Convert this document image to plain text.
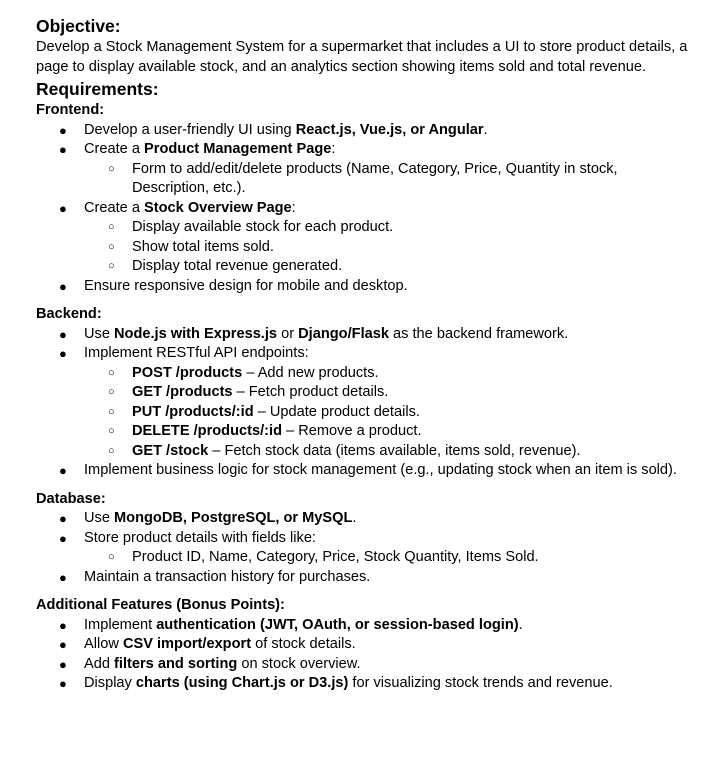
Objective:

Develop a Stock Management System for a supermarket that includes a UI to store product details, a page to display available stock, and an analytics section showing items sold and total revenue.

Requirements:

Frontend:

● Develop a user-friendly UI using React.js, Vue.js, or Angular.
● Create a Product Management Page:
○ Form to add/edit/delete products (Name, Category, Price, Quantity in stock, Description, etc.).
● Create a Stock Overview Page:
○ Display available stock for each product.
○ Show total items sold.
○ Display total revenue generated.
● Ensure responsive design for mobile and desktop.

Backend:

● Use Node.js with Express.js or Django/Flask as the backend framework.
● Implement RESTful API endpoints:
○ POST /products – Add new products.
○ GET /products – Fetch product details.
○ PUT /products/:id – Update product details.
○ DELETE /products/:id – Remove a product.
○ GET /stock – Fetch stock data (items available, items sold, revenue).
● Implement business logic for stock management (e.g., updating stock when an item is sold).

Database:

● Use MongoDB, PostgreSQL, or MySQL.
● Store product details with fields like:
○ Product ID, Name, Category, Price, Stock Quantity, Items Sold.
● Maintain a transaction history for purchases.

Additional Features (Bonus Points):

● Implement authentication (JWT, OAuth, or session-based login).
● Allow CSV import/export of stock details.
● Add filters and sorting on stock overview.
● Display charts (using Chart.js or D3.js) for visualizing stock trends and revenue.
